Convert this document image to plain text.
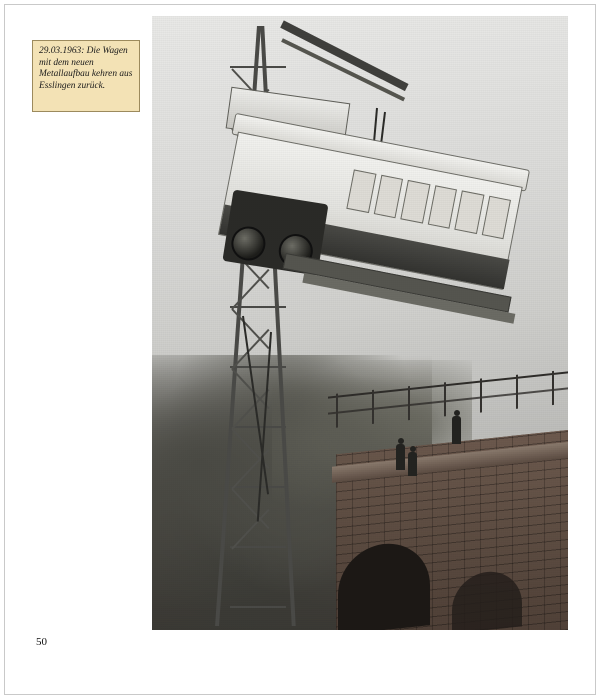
29.03.1963: Die Wagen mit dem neuen Metallaufbau kehren aus Esslingen zurück.

50
